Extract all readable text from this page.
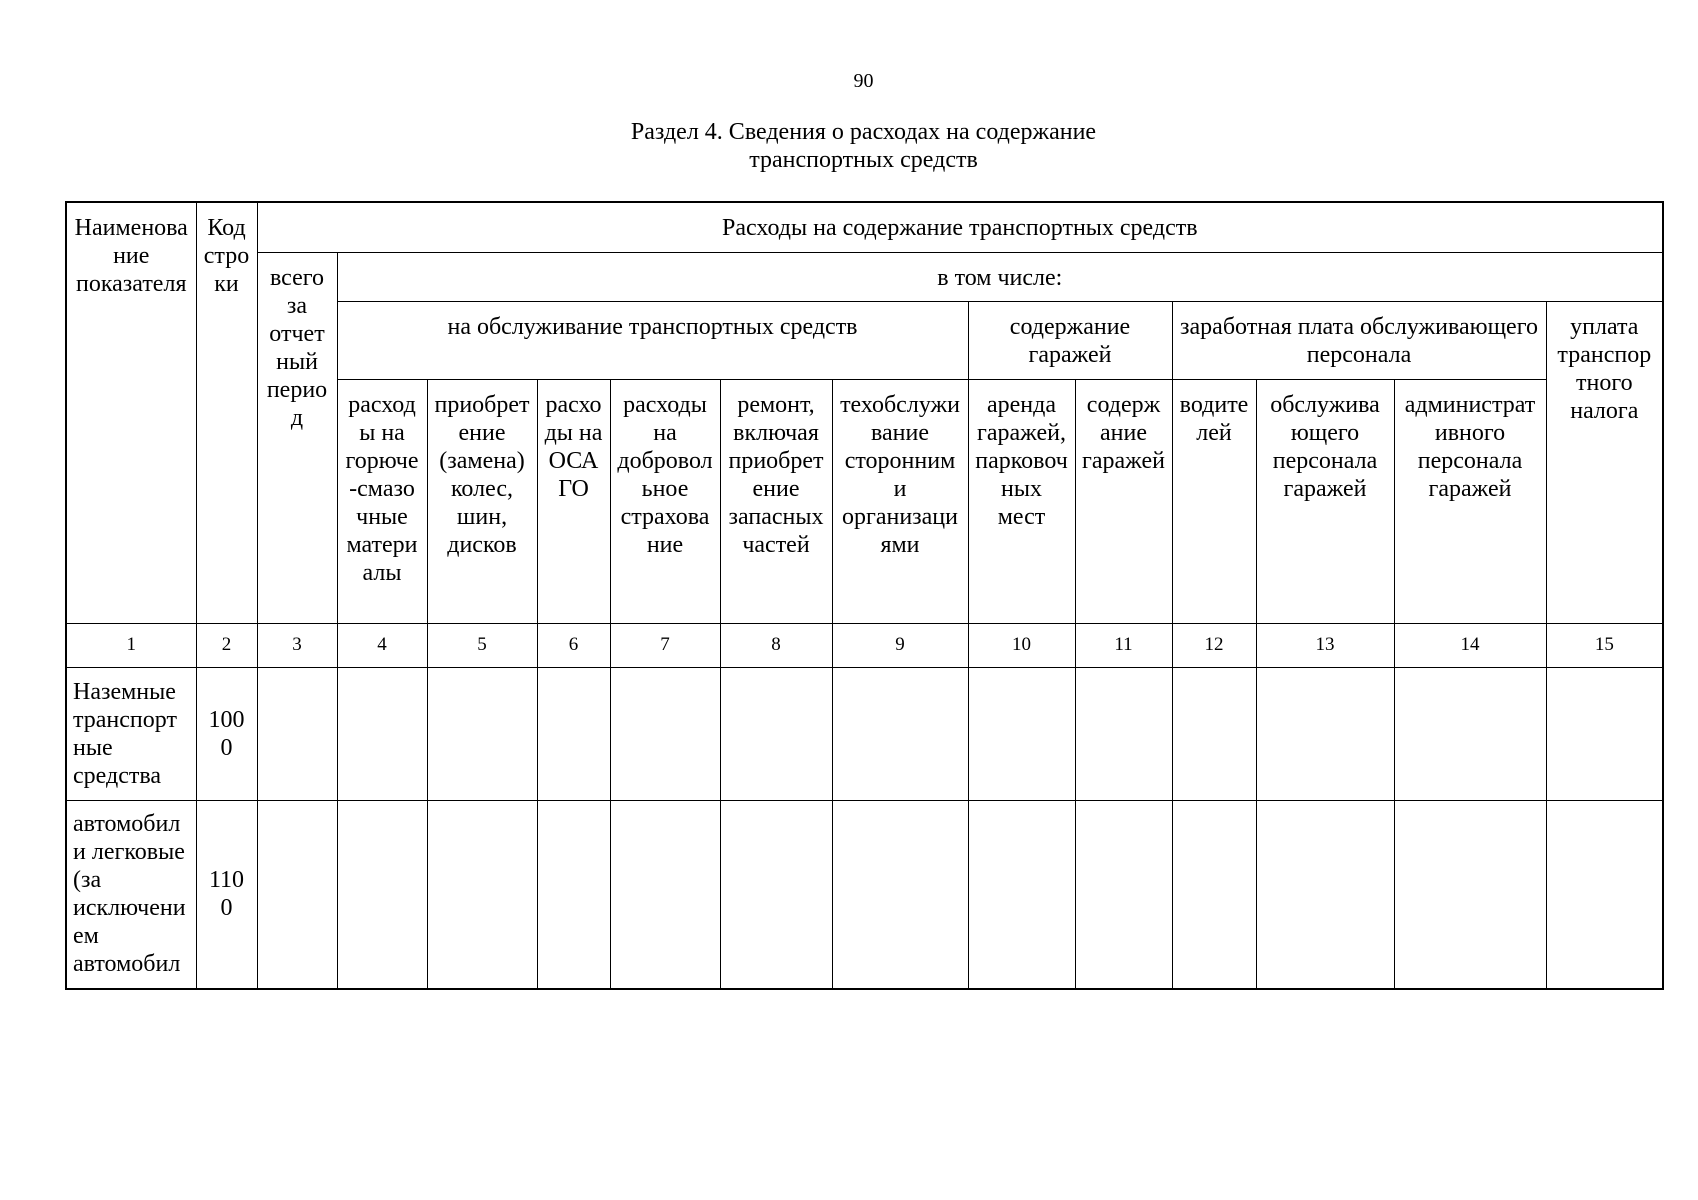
90
Раздел 4. Сведения о расходах на содержание
транспортных средств
Наименование показателя	Код строки	Расходы на содержание транспортных средств												
		всего за отчетный период	в том числе:											
			на обслуживание транспортных средств						содержание гаражей		заработная плата обслуживающего персонала			уплата транспортного налога
			расходы на горюче-смазочные материалы	приобретение (замена) колес, шин, дисков	расходы на ОСАГО	расходы на добровольное страхование	ремонт, включая приобретение запасных частей	техобслуживание сторонними организациями	аренда гаражей, парковочных мест	содержание гаражей	водителей	обслуживающего персонала гаражей	административного персонала гаражей	
1	2	3	4	5	6	7	8	9	10	11	12	13	14	15
Наземные транспортные средства	1000													
автомобили легковые (за исключением автомобил	1100													
